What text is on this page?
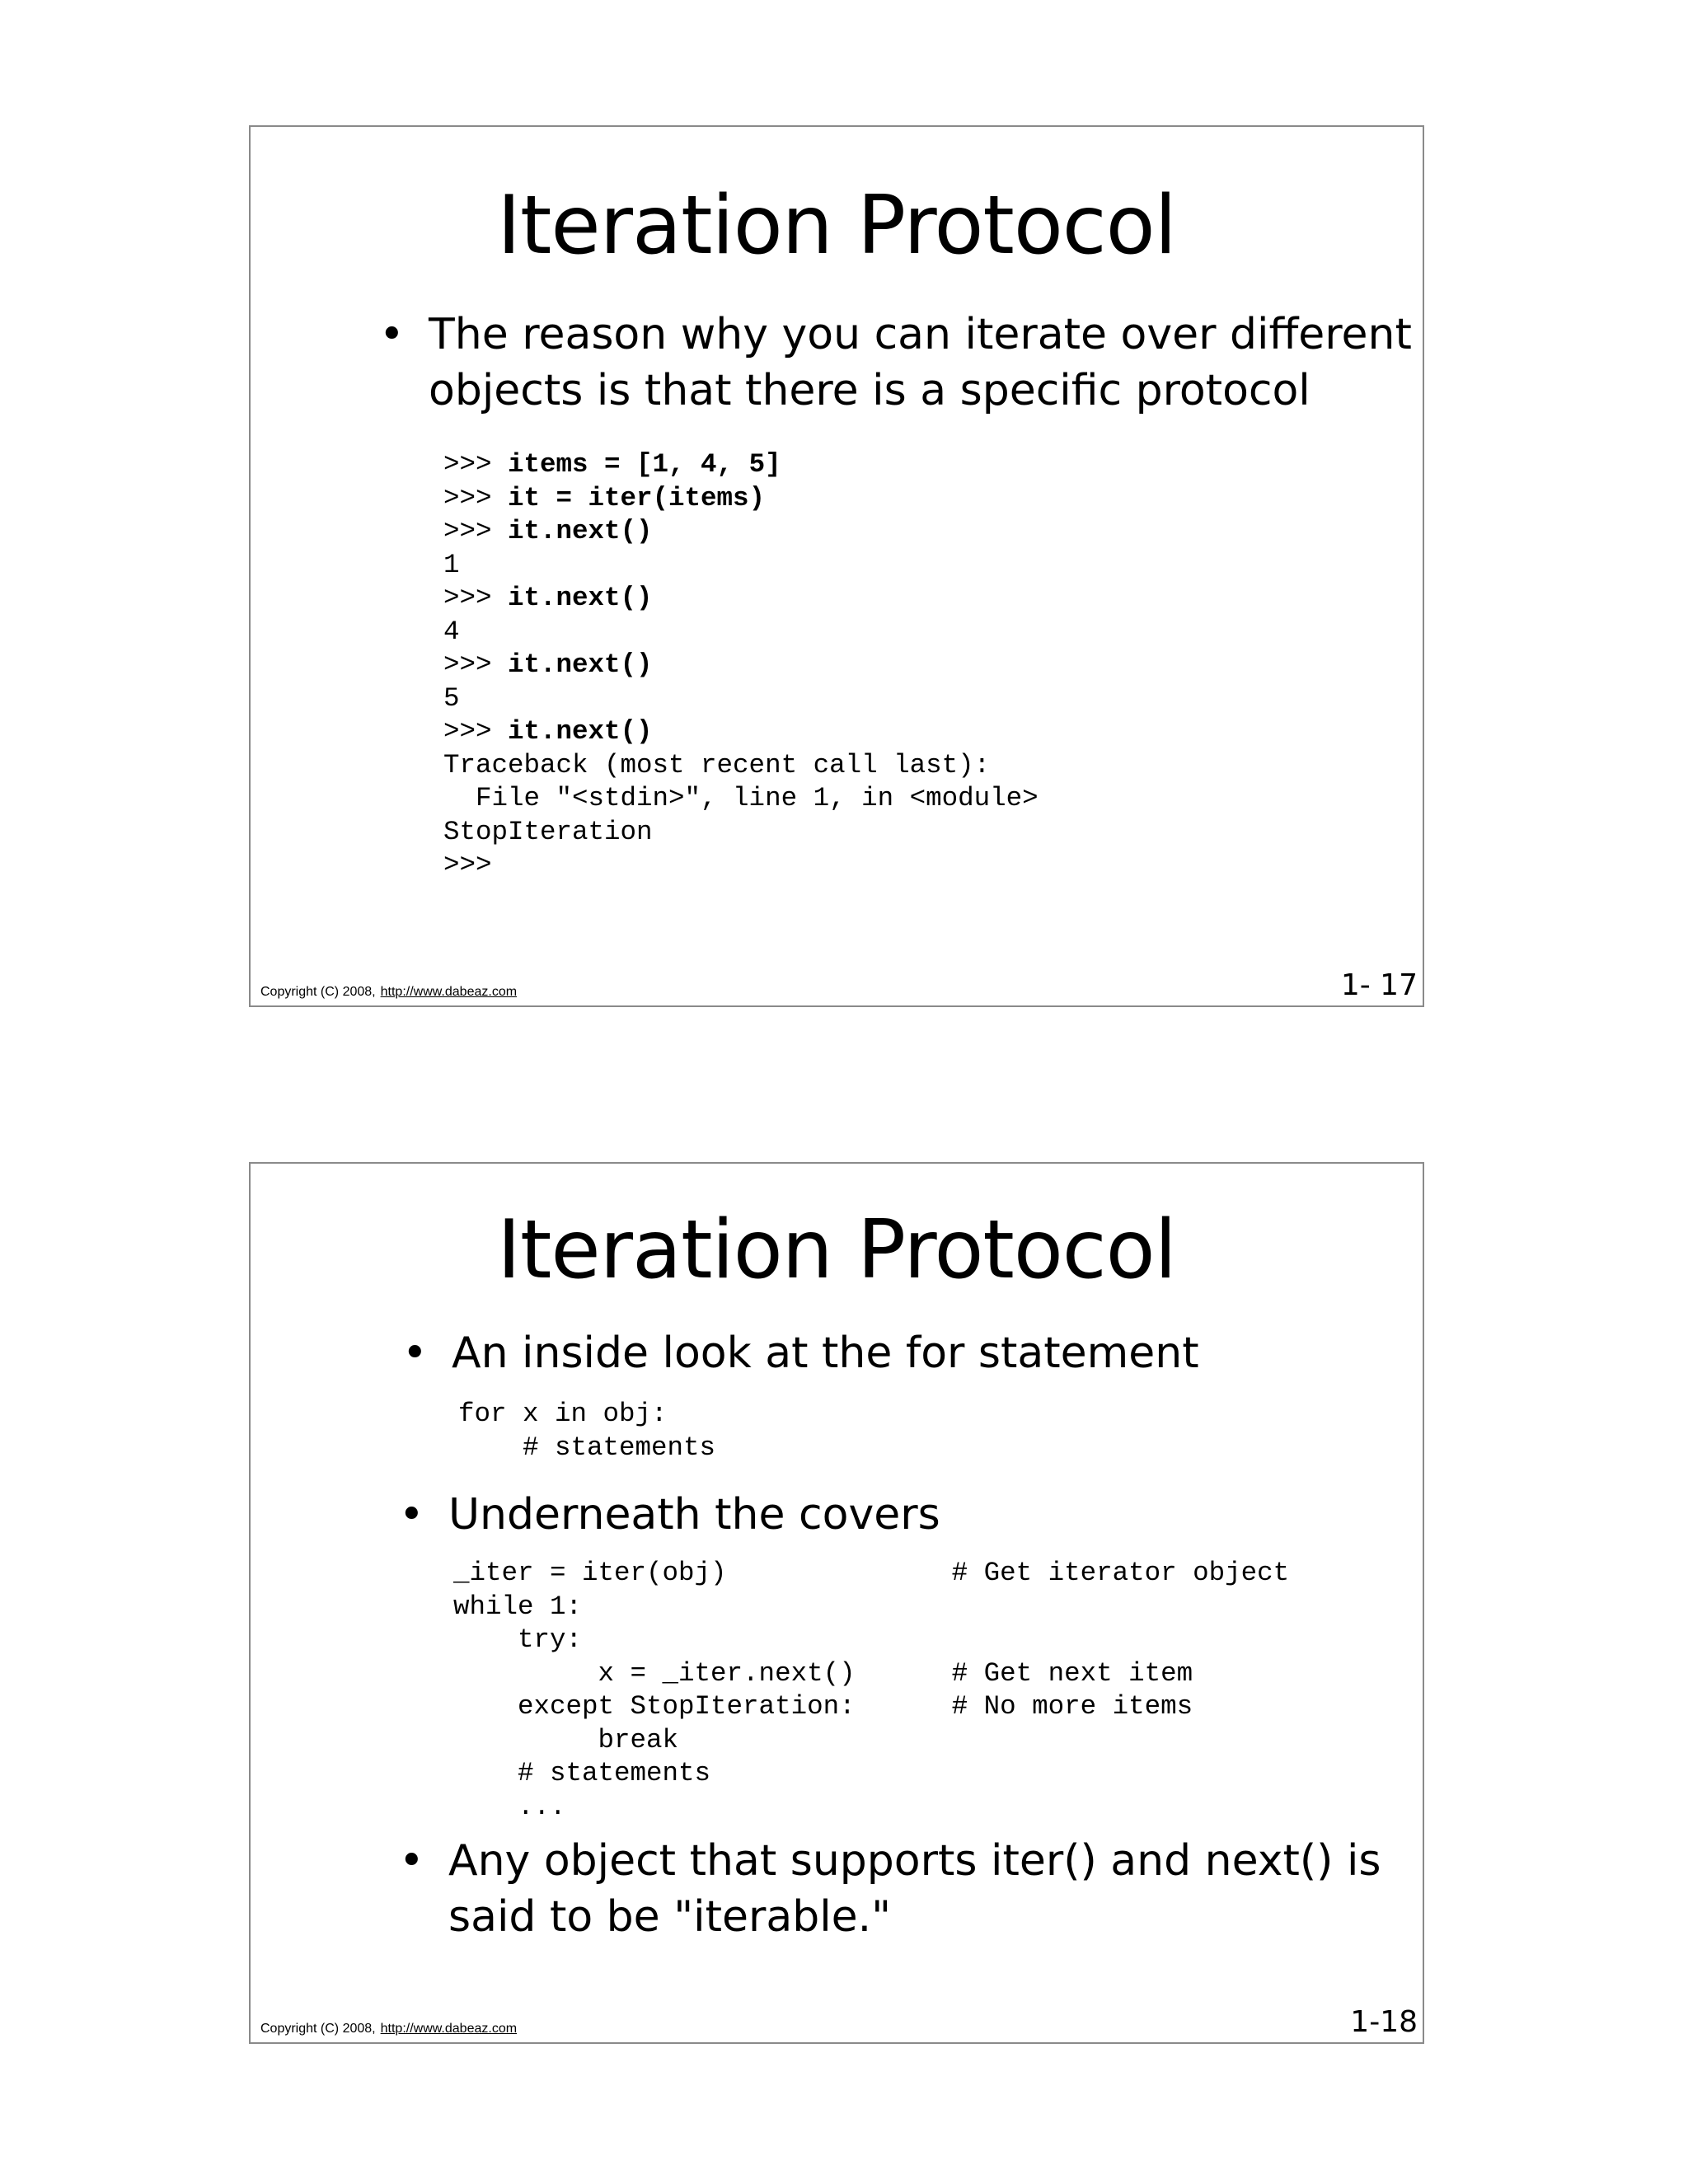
Iteration Protocol
• The reason why you can iterate over different
objects is that there is a specific protocol
>>> items = [1, 4, 5]
>>> it = iter(items)
>>> it.next()
1
>>> it.next()
4
>>> it.next()
5
>>> it.next()
Traceback (most recent call last):
File "<stdin>", line 1, in <module>
StopIteration
>>>
Copyright (C) 2008, http://www.dabeaz.com	1- 17
Iteration Protocol
• An inside look at the for statement
for x in obj:
# statements
• Underneath the covers
_iter = iter(obj)              # Get iterator object
while 1:
try:
x = _iter.next()      # Get next item
except StopIteration:      # No more items
break
# statements
...
• Any object that supports iter() and next() is
said to be "iterable."
Copyright (C) 2008, http://www.dabeaz.com	1-18
